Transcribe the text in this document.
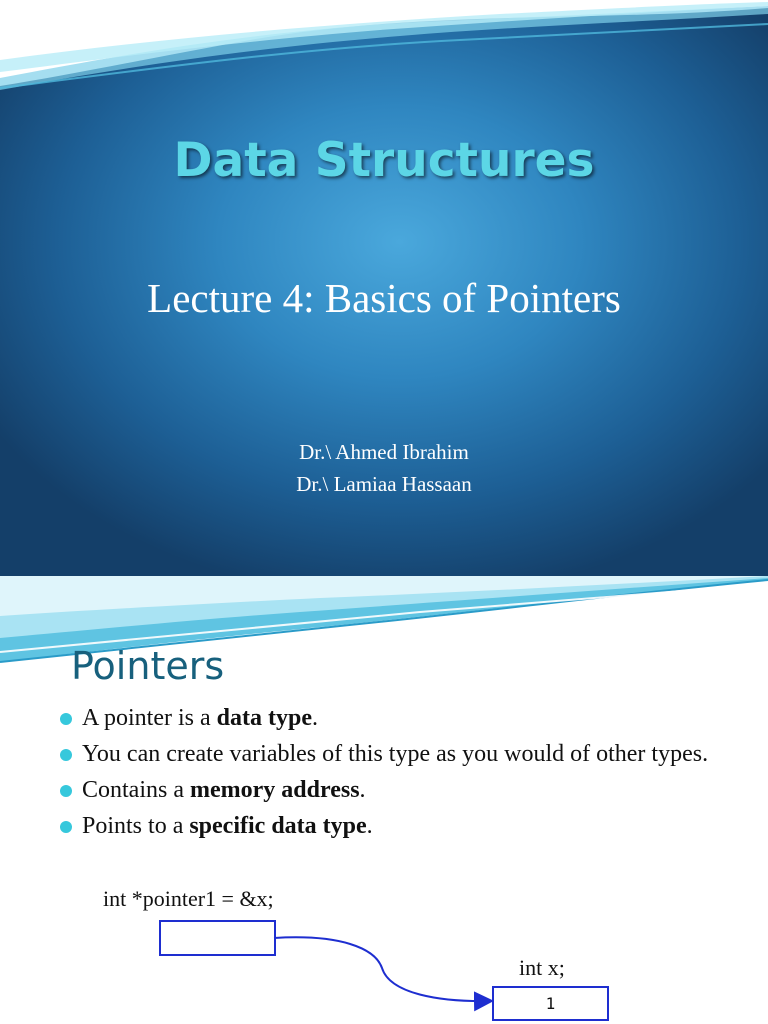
Data Structures
Lecture 4: Basics of Pointers
Dr.\ Ahmed Ibrahim
Dr.\ Lamiaa Hassaan
Pointers
A pointer is a data type.
You can create variables of this type as you would of other types.
Contains a memory address.
Points to a specific data type.
int *pointer1 = &x;
int x;
1
